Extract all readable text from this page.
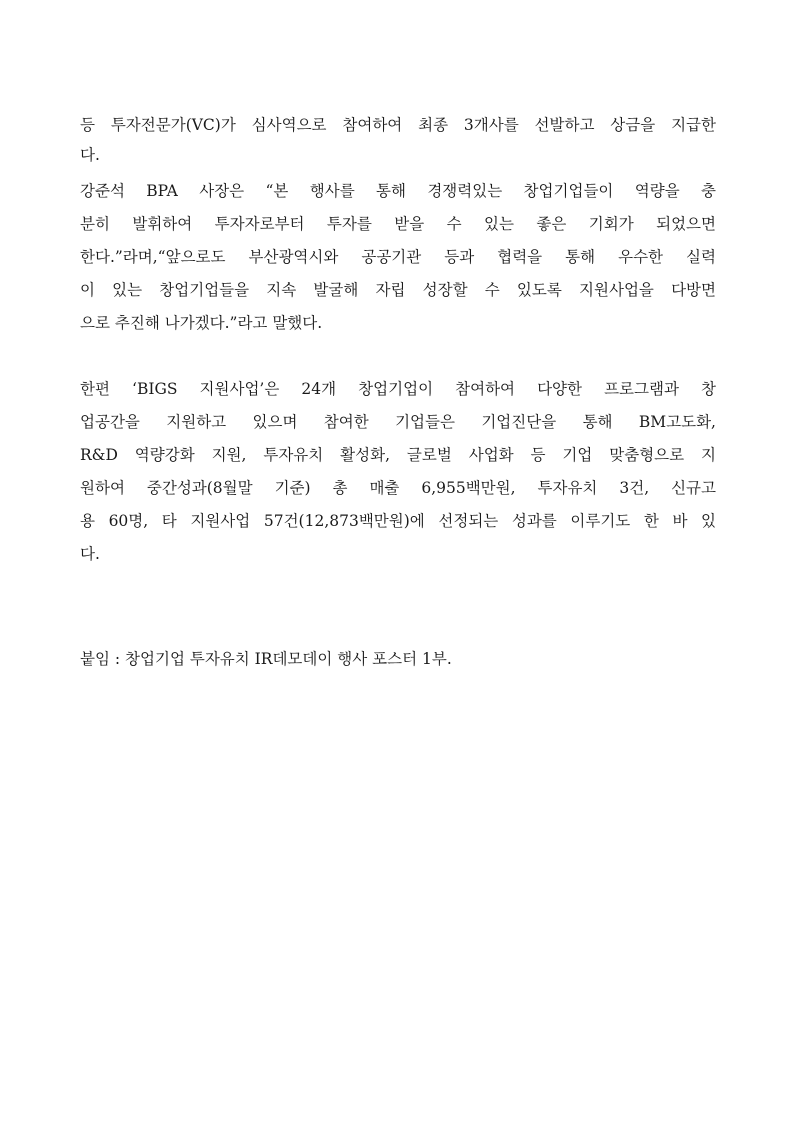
등 투자전문가(VC)가 심사역으로 참여하여 최종 3개사를 선발하고 상금을 지급한
다.
강준석 BPA 사장은 “본 행사를 통해 경쟁력있는 창업기업들이 역량을 충
분히 발휘하여 투자자로부터 투자를 받을 수 있는 좋은 기회가 되었으면
한다.”라며,“앞으로도 부산광역시와 공공기관 등과 협력을 통해 우수한 실력
이 있는 창업기업들을 지속 발굴해 자립 성장할 수 있도록 지원사업을 다방면
으로 추진해 나가겠다.”라고 말했다.
한편 ‘BIGS 지원사업’은 24개 창업기업이 참여하여 다양한 프로그램과 창
업공간을 지원하고 있으며 참여한 기업들은 기업진단을 통해 BM고도화,
R&D 역량강화 지원, 투자유치 활성화, 글로벌 사업화 등 기업 맞춤형으로 지
원하여 중간성과(8월말 기준) 총 매출 6,955백만원, 투자유치 3건, 신규고
용 60명, 타 지원사업 57건(12,873백만원)에 선정되는 성과를 이루기도 한 바 있
다.
붙임 : 창업기업 투자유치 IR데모데이 행사 포스터 1부.
